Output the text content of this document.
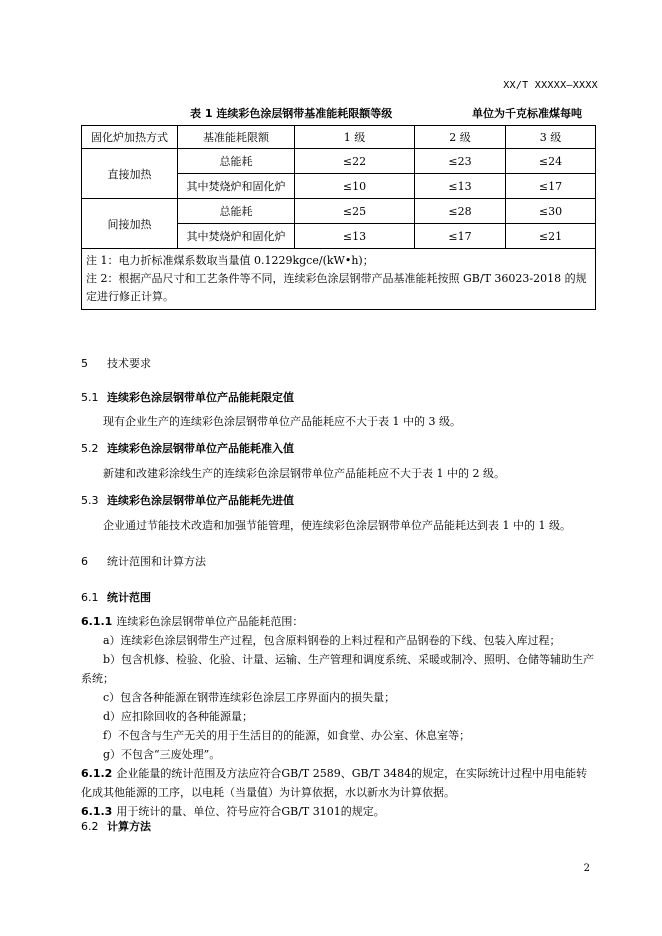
XX/T XXXXX—XXXX
表 1 连续彩色涂层钢带基准能耗限额等级	单位为千克标准煤每吨
固化炉加热方式	基准能耗限额	1 级	2 级	3 级
直接加热	总能耗	≤22	≤23	≤24
	其中焚烧炉和固化炉	≤10	≤13	≤17
间接加热	总能耗	≤25	≤28	≤30
	其中焚烧炉和固化炉	≤13	≤17	≤21

注 1：电力折标准煤系数取当量值 0.1229kgce/(kW•h)；
注 2：根据产品尺寸和工艺条件等不同，连续彩色涂层钢带产品基准能耗按照 GB/T 36023-2018 的规定进行修正计算。				
5 技术要求
5.1 连续彩色涂层钢带单位产品能耗限定值
现有企业生产的连续彩色涂层钢带单位产品能耗应不大于表 1 中的 3 级。
5.2 连续彩色涂层钢带单位产品能耗准入值
新建和改建彩涂线生产的连续彩色涂层钢带单位产品能耗应不大于表 1 中的 2 级。
5.3 连续彩色涂层钢带单位产品能耗先进值
企业通过节能技术改造和加强节能管理，使连续彩色涂层钢带单位产品能耗达到表 1 中的 1 级。
6 统计范围和计算方法
6.1 统计范围
6.1.1 连续彩色涂层钢带单位产品能耗范围：
a）连续彩色涂层钢带生产过程，包含原料钢卷的上料过程和产品钢卷的下线、包装入库过程；
b）包含机修、检验、化验、计量、运输、生产管理和调度系统、采暖或制冷、照明、仓储等辅助生产系统；
c）包含各种能源在钢带连续彩色涂层工序界面内的损失量；
d）应扣除回收的各种能源量；
f）不包含与生产无关的用于生活目的的能源，如食堂、办公室、休息室等；
g）不包含“三废处理”。
6.1.2 企业能量的统计范围及方法应符合GB/T 2589、GB/T 3484的规定，在实际统计过程中用电能转化成其他能源的工序，以电耗（当量值）为计算依据，水以新水为计算依据。
6.1.3 用于统计的量、单位、符号应符合GB/T 3101的规定。
6.2 计算方法
2
